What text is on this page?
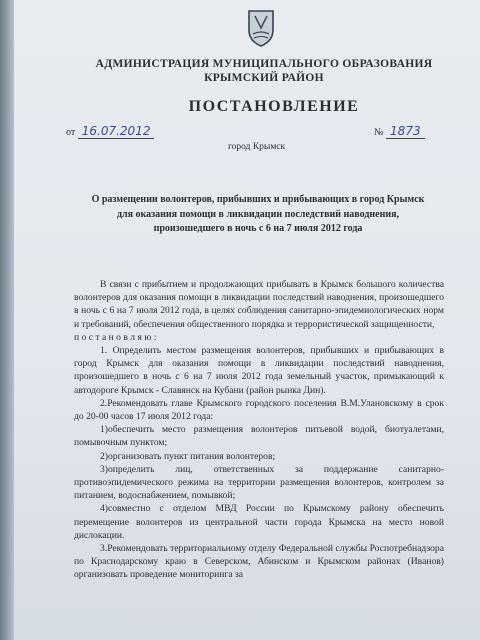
АДМИНИСТРАЦИЯ МУНИЦИПАЛЬНОГО ОБРАЗОВАНИЯ
КРЫМСКИЙ РАЙОН
ПОСТАНОВЛЕНИЕ
от 16.07.2012	№ 1873
город Крымск
О размещении волонтеров, прибывших и прибывающих в город Крымск
для оказания помощи в ликвидации последствий наводнения,
произошедшего в ночь с 6 на 7 июля 2012 года

В связи с прибытием и продолжающих прибывать в Крымск большого количества волонтеров для оказания помощи в ликвидации последствий наводнения, произошедшего в ночь с 6 на 7 июля 2012 года, в целях соблюдения санитарно-эпидемиологических норм и требований, обеспечения общественного порядка и террористической защищенности,

п о с т а н о в л я ю :

1. Определить местом размещения волонтеров, прибывших и прибывающих в город Крымск для оказания помощи в ликвидации последствий наводнения, произошедшего в ночь с 6 на 7 июля 2012 года земельный участок, примыкающий к автодороге Крымск - Славянск на Кубани (район рынка Дин).

2.Рекомендовать главе Крымского городского поселения В.М.Улановскому в срок до 20-00 часов 17 июля 2012 года:

1)обеспечить место размещения волонтеров питьевой водой, биотуалетами, помывочным пунктом;

2)организовать пункт питания волонтеров;

3)определить лиц, ответственных за поддержание санитарно-противоэпидемического режима на территории размещения волонтеров, контролем за питанием, водоснабжением, помывкой;

4)совместно с отделом МВД России по Крымскому району обеспечить перемещение волонтеров из центральной части города Крымска на место новой дислокации.

3.Рекомендовать территориальному отделу Федеральной службы Роспотребнадзора по Краснодарскому краю в Северском, Абинском и Крымском районах (Иванов) организовать проведение мониторинга за
